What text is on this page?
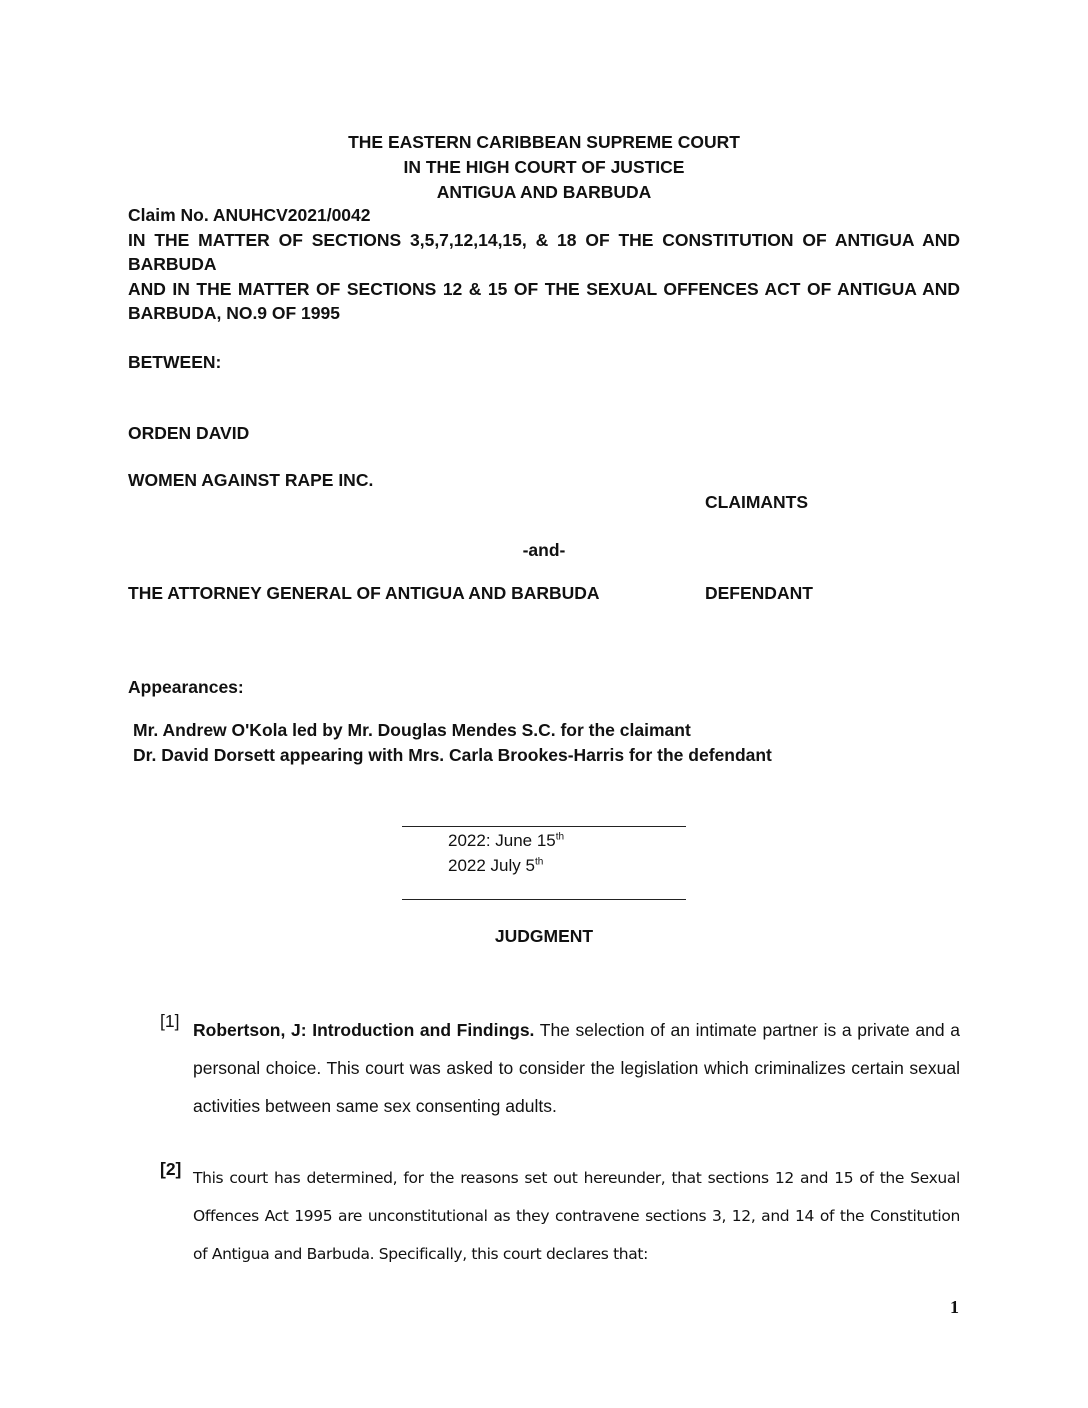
THE EASTERN CARIBBEAN SUPREME COURT
IN THE HIGH COURT OF JUSTICE
ANTIGUA AND BARBUDA
Claim No. ANUHCV2021/0042
IN THE MATTER OF SECTIONS 3,5,7,12,14,15, & 18 OF THE CONSTITUTION OF ANTIGUA AND BARBUDA
AND IN THE MATTER OF SECTIONS 12 & 15 OF THE SEXUAL OFFENCES ACT OF ANTIGUA AND BARBUDA, NO.9 OF 1995
BETWEEN:
ORDEN DAVID
WOMEN AGAINST RAPE INC.
CLAIMANTS
-and-
THE ATTORNEY GENERAL OF ANTIGUA AND BARBUDA	DEFENDANT
Appearances:
Mr. Andrew O'Kola led by Mr. Douglas Mendes S.C. for the claimant
Dr. David Dorsett appearing with Mrs. Carla Brookes-Harris for the defendant
2022: June 15th
2022 July 5th
JUDGMENT
[1] Robertson, J: Introduction and Findings. The selection of an intimate partner is a private and a personal choice. This court was asked to consider the legislation which criminalizes certain sexual activities between same sex consenting adults.
[2] This court has determined, for the reasons set out hereunder, that sections 12 and 15 of the Sexual Offences Act 1995 are unconstitutional as they contravene sections 3, 12, and 14 of the Constitution of Antigua and Barbuda. Specifically, this court declares that:
1
